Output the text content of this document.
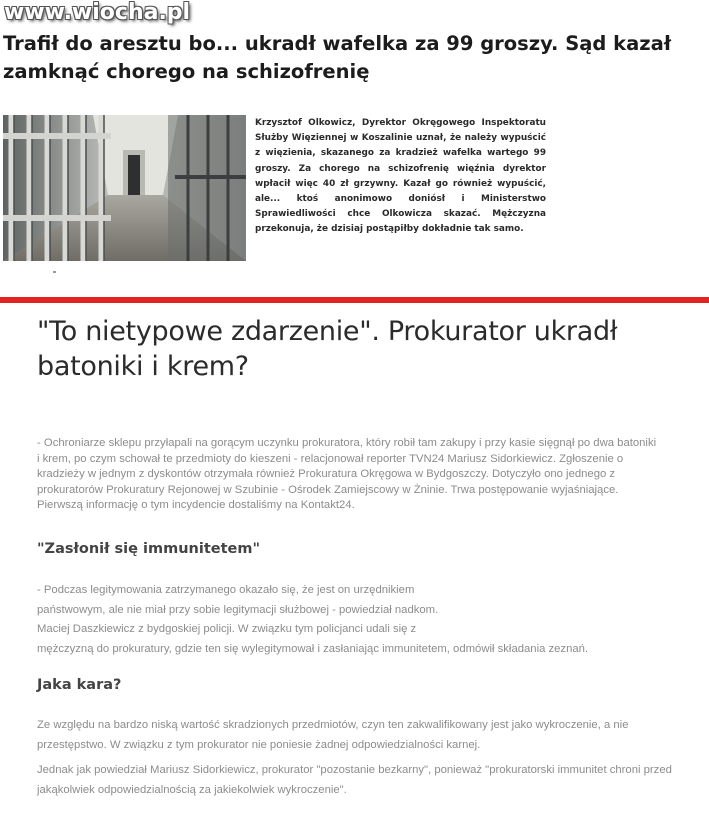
www.wiocha.pl
Trafił do aresztu bo... ukradł wafelka za 99 groszy. Sąd kazał zamknąć chorego na schizofrenię
Krzysztof Olkowicz, Dyrektor Okręgowego Inspektoratu Służby Więziennej w Koszalinie uznał, że należy wypuścić z więzienia, skazanego za kradzież wafelka wartego 99 groszy. Za chorego na schizofrenię więźnia dyrektor wpłacił więc 40 zł grzywny. Kazał go również wypuścić, ale... ktoś anonimowo doniósł i Ministerstwo Sprawiedliwości chce Olkowicza skazać. Mężczyzna przekonuja, że dzisiaj postąpiłby dokładnie tak samo.
"To nietypowe zdarzenie". Prokurator ukradł batoniki i krem?

- Ochroniarze sklepu przyłapali na gorącym uczynku prokuratora, który robił tam zakupy i przy kasie sięgnął po dwa batoniki i krem, po czym schował te przedmioty do kieszeni - relacjonował reporter TVN24 Mariusz Sidorkiewicz. Zgłoszenie o kradzieży w jednym z dyskontów otrzymała również Prokuratura Okręgowa w Bydgoszczy. Dotyczyło ono jednego z prokuratorów Prokuratury Rejonowej w Szubinie - Ośrodek Zamiejscowy w Żninie. Trwa postępowanie wyjaśniające. Pierwszą informację o tym incydencie dostaliśmy na Kontakt24.

"Zasłonił się immunitetem"
- Podczas legitymowania zatrzymanego okazało się, że jest on urzędnikiem
państwowym, ale nie miał przy sobie legitymacji służbowej - powiedział nadkom.
Maciej Daszkiewicz z bydgoskiej policji. W związku tym policjanci udali się z
mężczyzną do prokuratury, gdzie ten się wylegitymował i zasłaniając immunitetem, odmówił składania zeznań.
Jaka kara?

Ze względu na bardzo niską wartość skradzionych przedmiotów, czyn ten zakwalifikowany jest jako wykroczenie, a nie przestępstwo. W związku z tym prokurator nie poniesie żadnej odpowiedzialności karnej.

Jednak jak powiedział Mariusz Sidorkiewicz, prokurator "pozostanie bezkarny", ponieważ "prokuratorski immunitet chroni przed jakąkolwiek odpowiedzialnością za jakiekolwiek wykroczenie".
